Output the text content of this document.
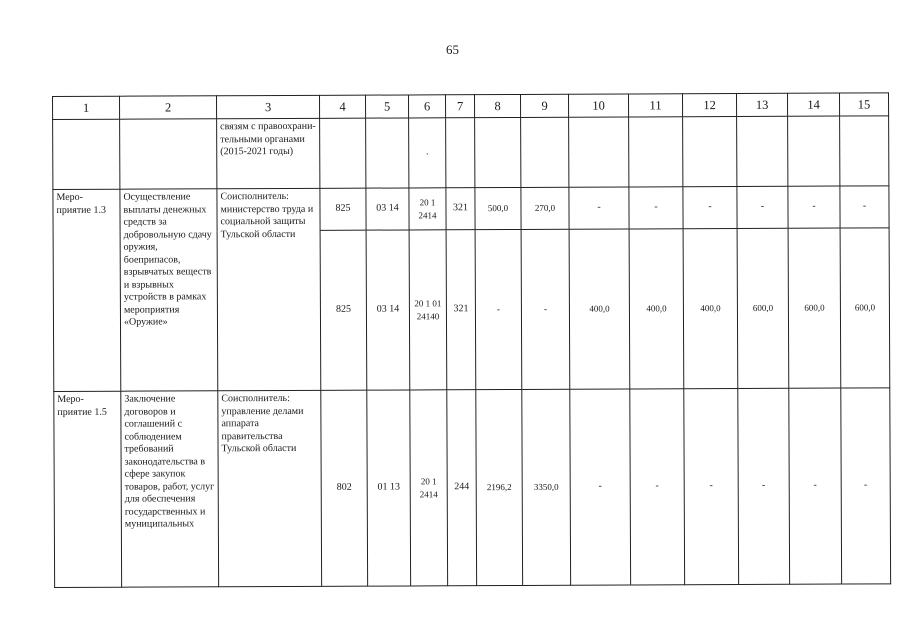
65
1	2	3	4	5	6	7	8	9	10	11	12	13	14	15
		связям с правоохрани-тельными органами (2015-2021 годы)			.									
Меро-приятие 1.3	Осуществление выплаты денежных средств за добровольную сдачу оружия, боеприпасов, взрывчатых веществ и взрывных устройств в рамках мероприятия «Оружие»	Соисполнитель: министерство труда и социальной защиты Тульской области	825	03 14	20 1 2414	321	500,0	270,0	-	-	-	-	-	-
			825	03 14	20 1 01 24140	321	-	-	400,0	400,0	400,0	600,0	600,0	600,0
Меро-приятие 1.5	Заключение договоров и соглашений с соблюдением требований законодательства в сфере закупок товаров, работ, услуг для обеспечения государственных и муниципальных	Соисполнитель: управление делами аппарата правительства Тульской области	802	01 13	20 1 2414	244	2196,2	3350,0	-	-	-	-	-	-
